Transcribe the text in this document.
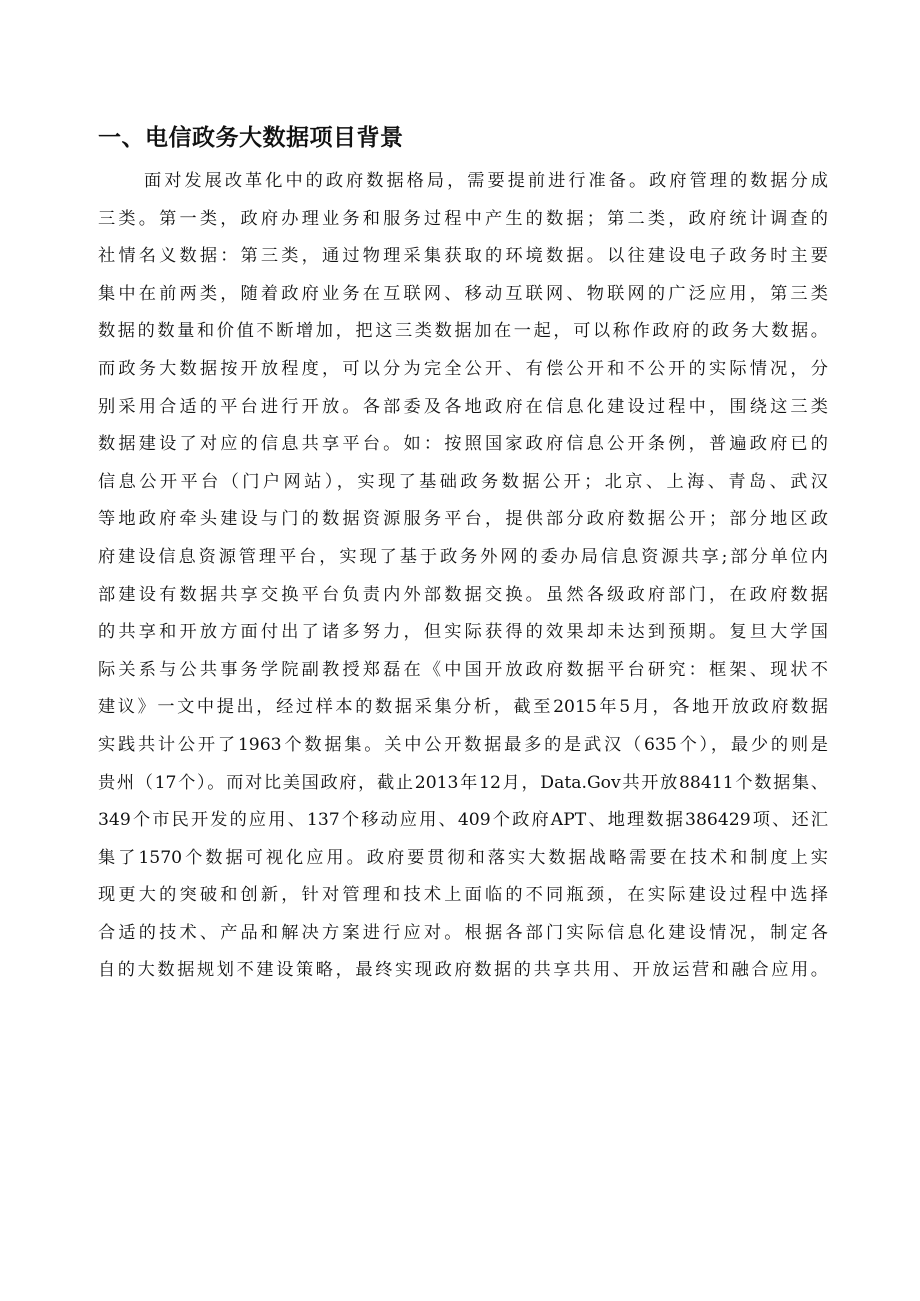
一、电信政务大数据项目背景
面对发展改革化中的政府数据格局，需要提前进行准备。政府管理的数据分成
三类。第一类，政府办理业务和服务过程中产生的数据；第二类，政府统计调查的
社情名义数据：第三类，通过物理采集获取的环境数据。以往建设电子政务时主要
集中在前两类，随着政府业务在互联网、移动互联网、物联网的广泛应用，第三类
数据的数量和价值不断增加，把这三类数据加在一起，可以称作政府的政务大数据。
而政务大数据按开放程度，可以分为完全公开、有偿公开和不公开的实际情况，分
别采用合适的平台进行开放。各部委及各地政府在信息化建设过程中，围绕这三类
数据建设了对应的信息共享平台。如：按照国家政府信息公开条例，普遍政府已的
信息公开平台（门户网站），实现了基础政务数据公开；北京、上海、青岛、武汉
等地政府牵头建设与门的数据资源服务平台，提供部分政府数据公开；部分地区政
府建设信息资源管理平台，实现了基于政务外网的委办局信息资源共享;部分单位内
部建设有数据共享交换平台负责内外部数据交换。虽然各级政府部门，在政府数据
的共享和开放方面付出了诸多努力，但实际获得的效果却未达到预期。复旦大学国
际关系与公共事务学院副教授郑磊在《中国开放政府数据平台研究：框架、现状不
建议》一文中提出，经过样本的数据采集分析，截至2015年5月，各地开放政府数据
实践共计公开了1963个数据集。关中公开数据最多的是武汉（635个），最少的则是
贵州（17个）。而对比美国政府，截止2013年12月，Data.Gov共开放88411个数据集、
349个市民开发的应用、137个移动应用、409个政府APT、地理数据386429项、还汇
集了1570个数据可视化应用。政府要贯彻和落实大数据战略需要在技术和制度上实
现更大的突破和创新，针对管理和技术上面临的不同瓶颈，在实际建设过程中选择
合适的技术、产品和解决方案进行应对。根据各部门实际信息化建设情况，制定各
自的大数据规划不建设策略，最终实现政府数据的共享共用、开放运营和融合应用。
